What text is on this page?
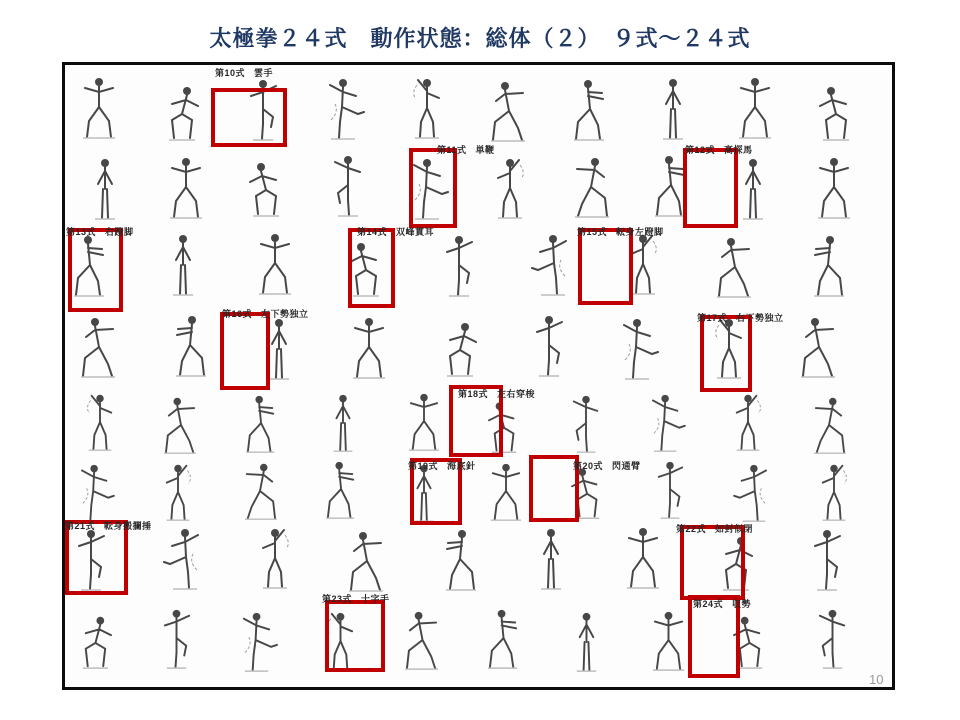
太極拳２４式　動作状態：総体（２）　９式～２４式
第10式 雲手
第11式 単鞭	第12式 高探馬
第13式 右蹬脚	第14式 双峰貫耳	第15式 転身左蹬脚
第16式 左下勢独立	第17式 右下勢独立
第18式 左右穿梭
第19式 海底針	第20式 閃通臂
第21式 転身搬攔捶	第22式 如封似閉
第23式 十字手	第24式 収勢
10
